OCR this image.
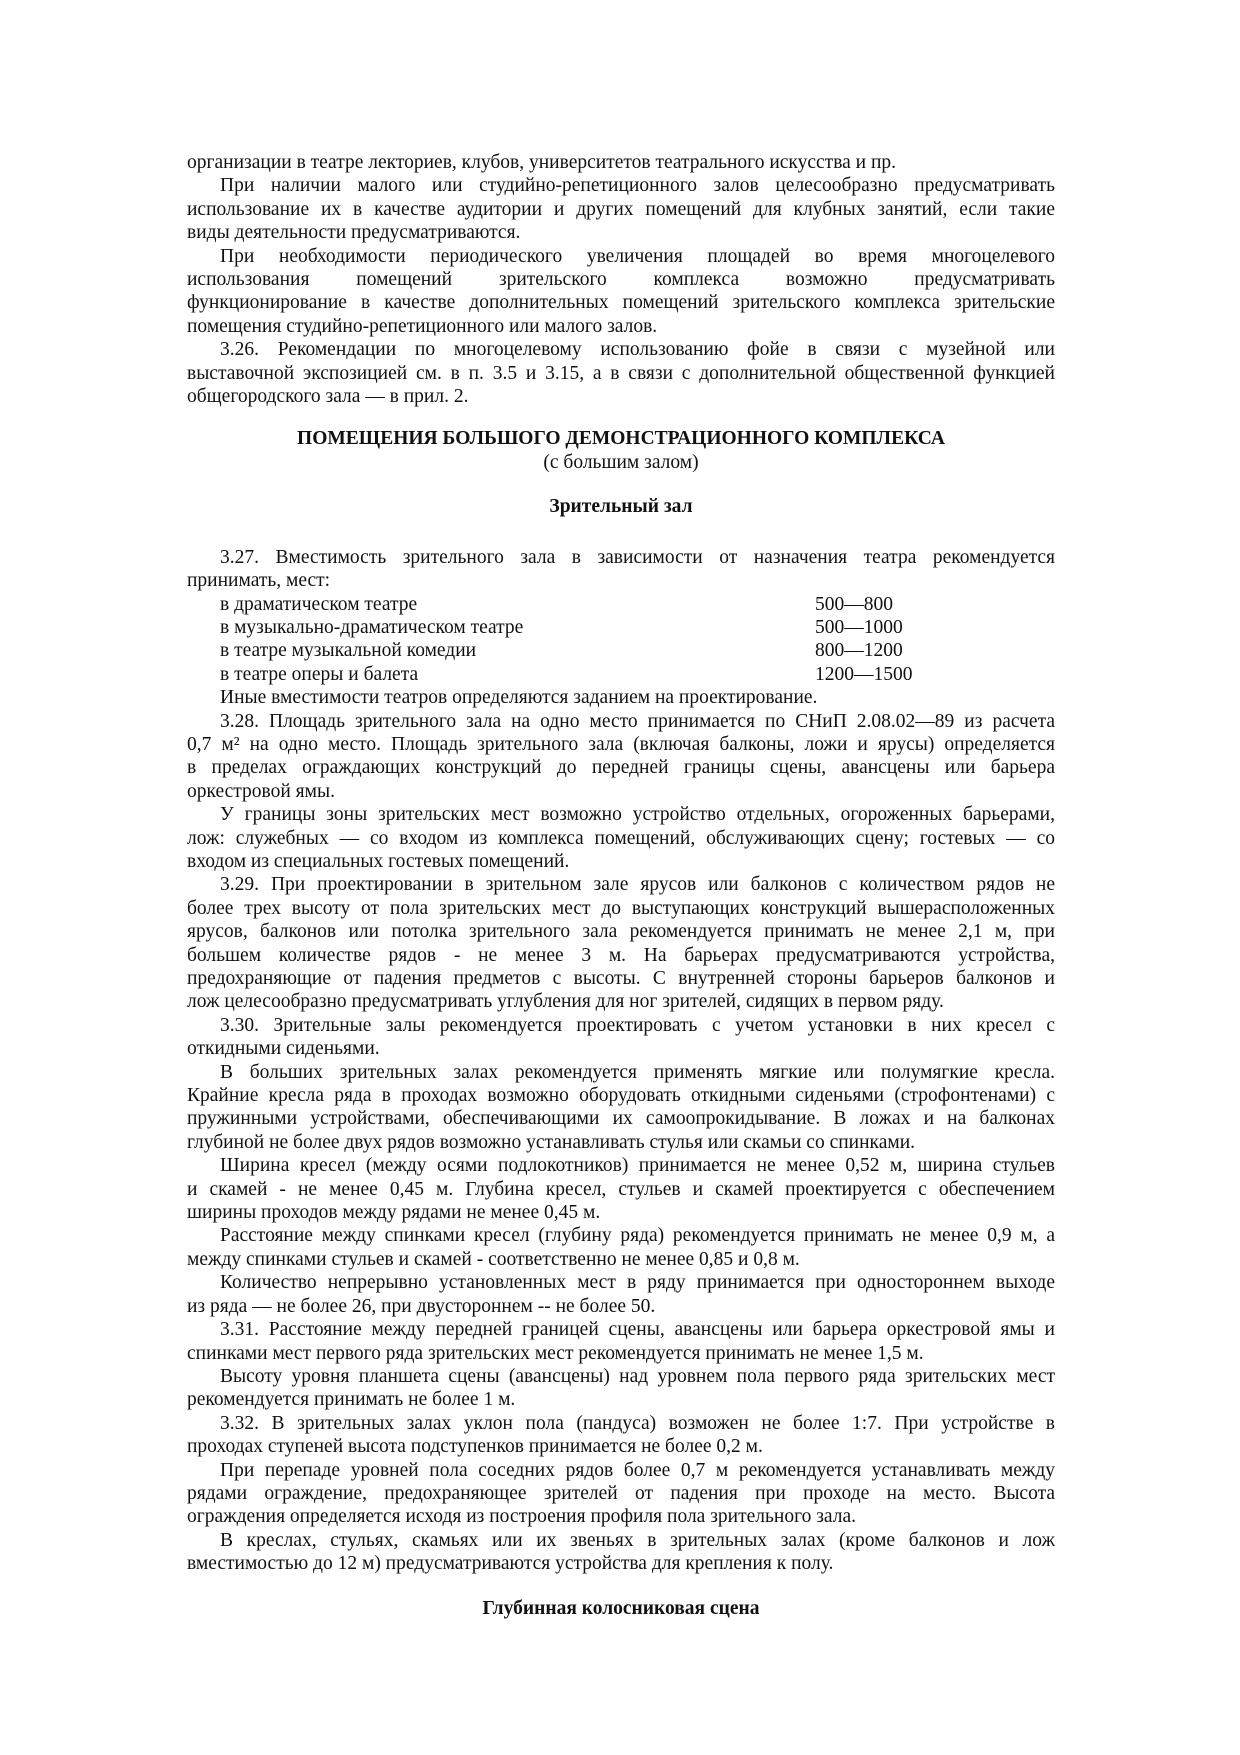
организации в театре лекториев, клубов, университетов театрального искусства и пр.
При наличии малого или студийно-репетиционного залов целесообразно предусматривать
использование их в качестве аудитории и других помещений для клубных занятий, если такие
виды деятельности предусматриваются.
При необходимости периодического увеличения площадей во время многоцелевого
использования помещений зрительского комплекса возможно предусматривать
функционирование в качестве дополнительных помещений зрительского комплекса зрительские
помещения студийно-репетиционного или малого залов.
3.26. Рекомендации по многоцелевому использованию фойе в связи с музейной или
выставочной экспозицией см. в п. 3.5 и 3.15, а в связи с дополнительной общественной функцией
общегородского зала — в прил. 2.
ПОМЕЩЕНИЯ БОЛЬШОГО ДЕМОНСТРАЦИОННОГО КОМПЛЕКСА
(с большим залом)
Зрительный зал
3.27. Вместимость зрительного зала в зависимости от назначения театра рекомендуется
принимать, мест:
в драматическом театре	500—800
в музыкально-драматическом театре	500—1000
в театре музыкальной комедии	800—1200
в театре оперы и балета	1200—1500
Иные вместимости театров определяются заданием на проектирование.
3.28. Площадь зрительного зала на одно место принимается по СНиП 2.08.02—89 из расчета
0,7 м² на одно место. Площадь зрительного зала (включая балконы, ложи и ярусы) определяется
в пределах ограждающих конструкций до передней границы сцены, авансцены или барьера
оркестровой ямы.
У границы зоны зрительских мест возможно устройство отдельных, огороженных барьерами,
лож: служебных — со входом из комплекса помещений, обслуживающих сцену; гостевых — со
входом из специальных гостевых помещений.
3.29. При проектировании в зрительном зале ярусов или балконов с количеством рядов не
более трех высоту от пола зрительских мест до выступающих конструкций вышерасположенных
ярусов, балконов или потолка зрительного зала рекомендуется принимать не менее 2,1 м, при
большем количестве рядов - не менее 3 м. На барьерах предусматриваются устройства,
предохраняющие от падения предметов с высоты. С внутренней стороны барьеров балконов и
лож целесообразно предусматривать углубления для ног зрителей, сидящих в первом ряду.
3.30. Зрительные залы рекомендуется проектировать с учетом установки в них кресел с
откидными сиденьями.
В больших зрительных залах рекомендуется применять мягкие или полумягкие кресла.
Крайние кресла ряда в проходах возможно оборудовать откидными сиденьями (строфонтенами) с
пружинными устройствами, обеспечивающими их самоопрокидывание. В ложах и на балконах
глубиной не более двух рядов возможно устанавливать стулья или скамьи со спинками.
Ширина кресел (между осями подлокотников) принимается не менее 0,52 м, ширина стульев
и скамей - не менее 0,45 м. Глубина кресел, стульев и скамей проектируется с обеспечением
ширины проходов между рядами не менее 0,45 м.
Расстояние между спинками кресел (глубину ряда) рекомендуется принимать не менее 0,9 м, а
между спинками стульев и скамей - соответственно не менее 0,85 и 0,8 м.
Количество непрерывно установленных мест в ряду принимается при одностороннем выходе
из ряда — не более 26, при двустороннем -- не более 50.
3.31. Расстояние между передней границей сцены, авансцены или барьера оркестровой ямы и
спинками мест первого ряда зрительских мест рекомендуется принимать не менее 1,5 м.
Высоту уровня планшета сцены (авансцены) над уровнем пола первого ряда зрительских мест
рекомендуется принимать не более 1 м.
3.32. В зрительных залах уклон пола (пандуса) возможен не более 1:7. При устройстве в
проходах ступеней высота подступенков принимается не более 0,2 м.
При перепаде уровней пола соседних рядов более 0,7 м рекомендуется устанавливать между
рядами ограждение, предохраняющее зрителей от падения при проходе на место. Высота
ограждения определяется исходя из построения профиля пола зрительного зала.
В креслах, стульях, скамьях или их звеньях в зрительных залах (кроме балконов и лож
вместимостью до 12 м) предусматриваются устройства для крепления к полу.
Глубинная колосниковая сцена
